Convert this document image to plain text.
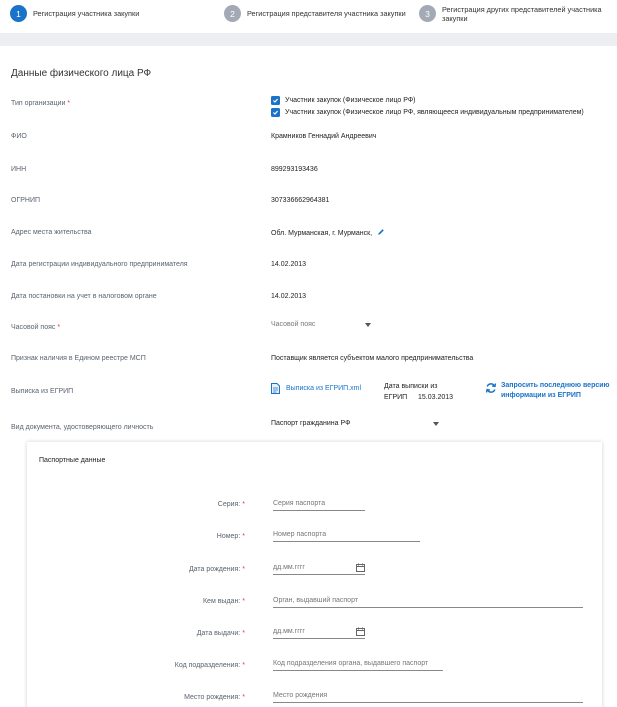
1	Регистрация участника закупки	2	Регистрация представителя участника закупки	3	Регистрация других представителей участника закупки
Данные физического лица РФ
Тип организации *	Участник закупок (Физическое лицо РФ)
Участник закупок (Физическое лицо РФ, являющееся индивидуальным предпринимателем)
ФИО	Крамников Геннадий Андреевич
ИНН	899293193436
ОГРНИП	307336662964381
Адрес места жительства	Обл. Мурманская, г. Мурманск,
Дата регистрации индивидуального предпринимателя	14.02.2013
Дата постановки на учет в налоговом органе	14.02.2013
Часовой пояс *	Часовой пояс
Признак наличия в Едином реестре МСП	Поставщик является субъектом малого предпринимательства
Выписка из ЕГРИП	Выписка из ЕГРИП.xml	Дата выписки из ЕГРИП	15.03.2013
Запросить последнюю версию информации из ЕГРИП
Вид документа, удостоверяющего личность
Паспорт гражданина РФ
Паспортные данные
Серия: *	Серия паспорта
Номер: *	Номер паспорта
Дата рождения: *	дд.мм.гггг
Кем выдан: *	Орган, выдавший паспорт
Дата выдачи: *	дд.мм.гггг
Код подразделения: *	Код подразделения органа, выдавшего паспорт
Место рождения: *	Место рождения
